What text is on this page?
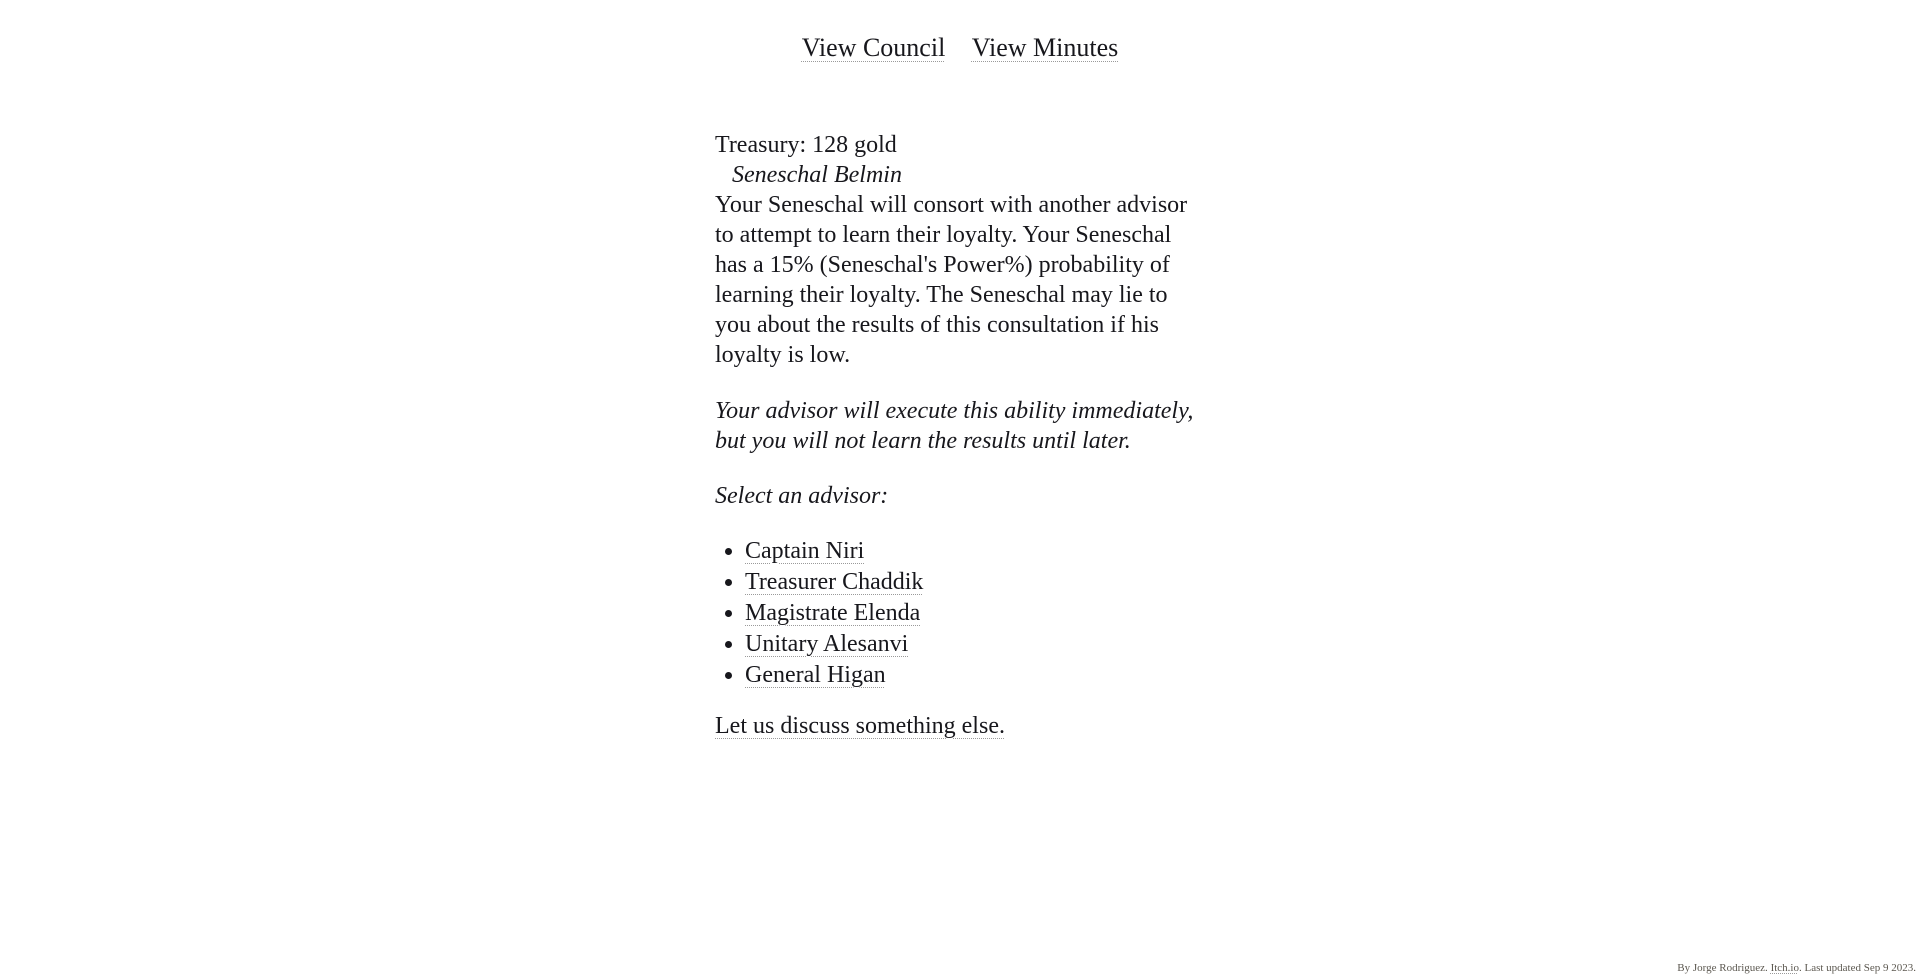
View Council View Minutes
Treasury: 128 gold
Seneschal Belmin

Your Seneschal will consort with another advisor to attempt to learn their loyalty. Your Seneschal has a 15% (Seneschal's Power%) probability of learning their loyalty. The Seneschal may lie to you about the results of this consultation if his loyalty is low.

Your advisor will execute this ability immediately, but you will not learn the results until later.

Select an advisor:

• Captain Niri
• Treasurer Chaddik
• Magistrate Elenda
• Unitary Alesanvi
• General Higan

Let us discuss something else.

By Jorge Rodriguez. Itch.io. Last updated Sep 9 2023.
